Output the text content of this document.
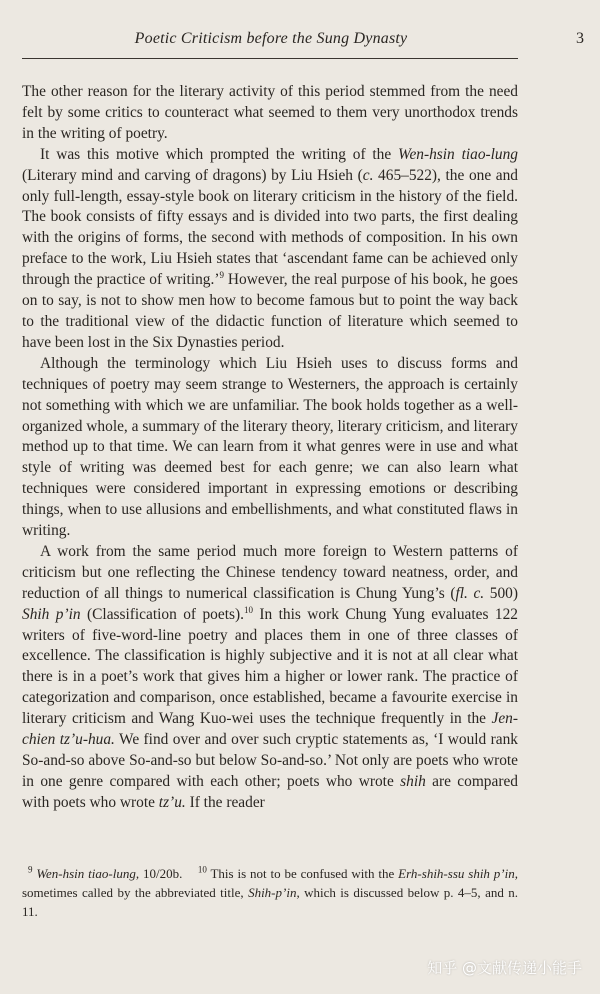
Poetic Criticism before the Sung Dynasty	3

The other reason for the literary activity of this period stemmed from the need felt by some critics to counteract what seemed to them very unorthodox trends in the writing of poetry.

It was this motive which prompted the writing of the Wen-hsin tiao-lung (Literary mind and carving of dragons) by Liu Hsieh (c. 465–522), the one and only full-length, essay-style book on literary criticism in the history of the field. The book consists of fifty essays and is divided into two parts, the first dealing with the origins of forms, the second with methods of composition. In his own preface to the work, Liu Hsieh states that ‘ascendant fame can be achieved only through the practice of writing.’$^9$ However, the real purpose of his book, he goes on to say, is not to show men how to become famous but to point the way back to the traditional view of the didactic function of literature which seemed to have been lost in the Six Dynasties period.

Although the terminology which Liu Hsieh uses to discuss forms and techniques of poetry may seem strange to Westerners, the approach is certainly not something with which we are unfamiliar. The book holds together as a well-organized whole, a summary of the literary theory, literary criticism, and literary method up to that time. We can learn from it what genres were in use and what style of writing was deemed best for each genre; we can also learn what techniques were considered important in expressing emotions or describing things, when to use allusions and embellishments, and what constituted flaws in writing.

A work from the same period much more foreign to Western patterns of criticism but one reflecting the Chinese tendency toward neatness, order, and reduction of all things to numerical classification is Chung Yung’s (fl. c. 500) Shih p’in (Classification of poets).$^{10}$ In this work Chung Yung evaluates 122 writers of five-word-line poetry and places them in one of three classes of excellence. The classification is highly subjective and it is not at all clear what there is in a poet’s work that gives him a higher or lower rank. The practice of categorization and comparison, once established, became a favourite exercise in literary criticism and Wang Kuo-wei uses the technique frequently in the Jen-chien tz’u-hua. We find over and over such cryptic statements as, ‘I would rank So-and-so above So-and-so but below So-and-so.’ Not only are poets who wrote in one genre compared with each other; poets who wrote shih are compared with poets who wrote tz’u. If the reader

$^9$ Wen-hsin tiao-lung, 10/20b. $^{10}$ This is not to be confused with the Erh-shih-ssu shih p’in, sometimes called by the abbreviated title, Shih-p’in, which is discussed below p. 4–5, and n. 11.

知乎 @文献传递小能手
